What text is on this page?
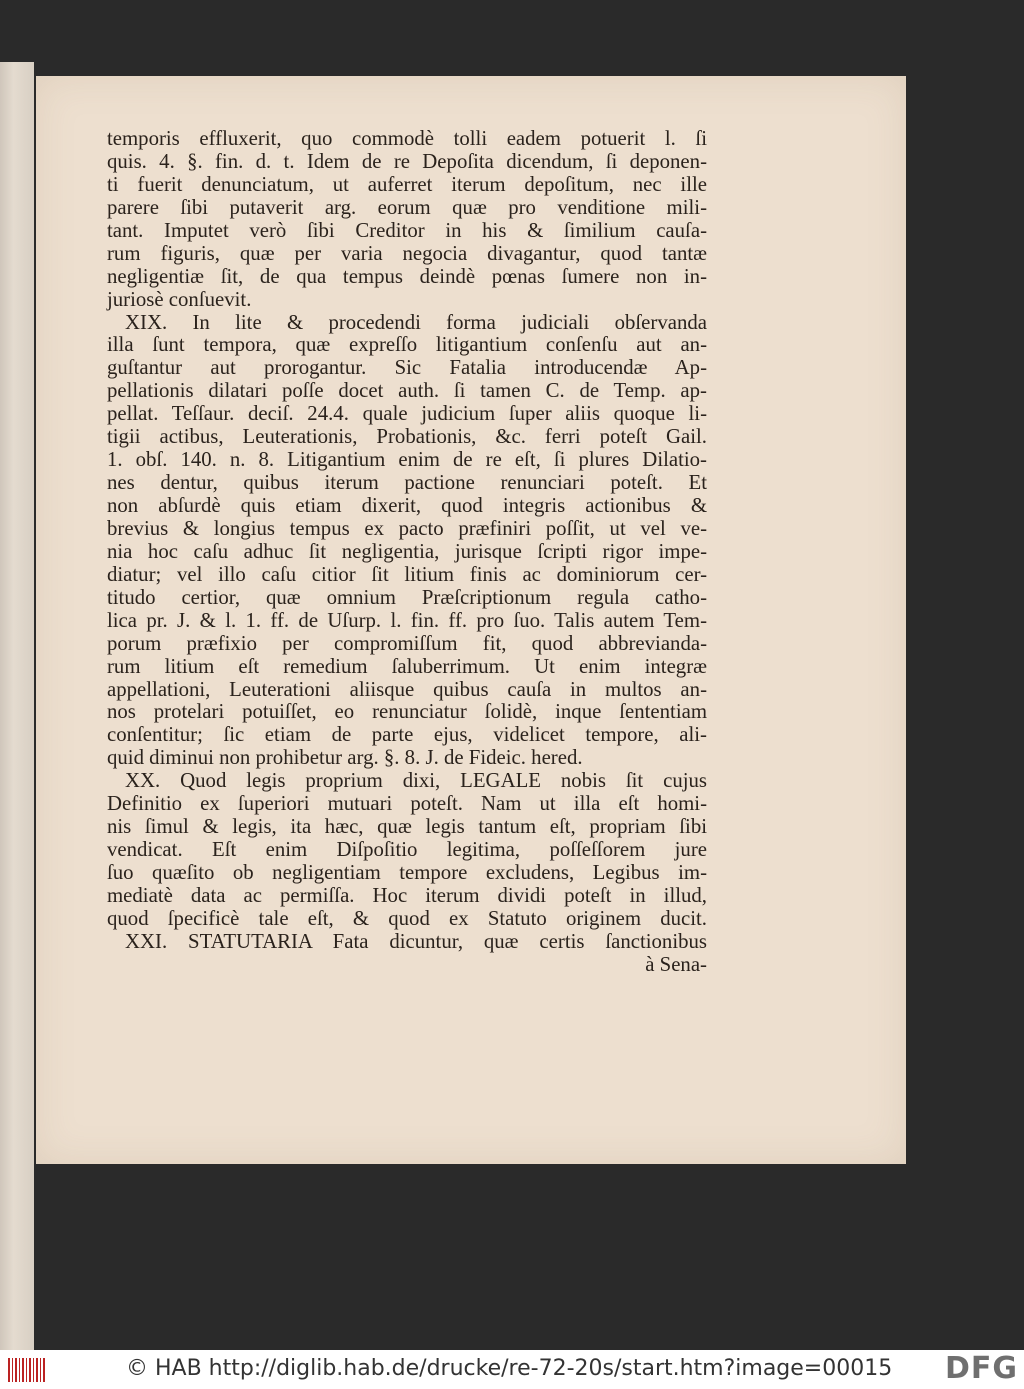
temporis effluxerit, quo commodè tolli eadem potuerit l. ſi
quis. 4. §. fin. d. t. Idem de re Depoſita dicendum, ſi deponen-
ti fuerit denunciatum, ut auferret iterum depoſitum, nec ille
parere ſibi putaverit arg. eorum quæ pro venditione mili-
tant. Imputet verò ſibi Creditor in his & ſimilium cauſa-
rum figuris, quæ per varia negocia divagantur, quod tantæ
negligentiæ ſit, de qua tempus deindè pœnas ſumere non in-
juriosè conſuevit.
XIX. In lite & procedendi forma judiciali obſervanda
illa ſunt tempora, quæ expreſſo litigantium conſenſu aut an-
guſtantur aut prorogantur. Sic Fatalia introducendæ Ap-
pellationis dilatari poſſe docet auth. ſi tamen C. de Temp. ap-
pellat. Teſſaur. deciſ. 24.4. quale judicium ſuper aliis quoque li-
tigii actibus, Leuterationis, Probationis, &c. ferri poteſt Gail.
1. obſ. 140. n. 8. Litigantium enim de re eſt, ſi plures Dilatio-
nes dentur, quibus iterum pactione renunciari poteſt. Et
non abſurdè quis etiam dixerit, quod integris actionibus &
brevius & longius tempus ex pacto præfiniri poſſit, ut vel ve-
nia hoc caſu adhuc ſit negligentia, jurisque ſcripti rigor impe-
diatur; vel illo caſu citior ſit litium finis ac dominiorum cer-
titudo certior, quæ omnium Præſcriptionum regula catho-
lica pr. J. & l. 1. ff. de Uſurp. l. fin. ff. pro ſuo. Talis autem Tem-
porum præfixio per compromiſſum fit, quod abbrevianda-
rum litium eſt remedium ſaluberrimum. Ut enim integræ
appellationi, Leuterationi aliisque quibus cauſa in multos an-
nos protelari potuiſſet, eo renunciatur ſolidè, inque ſententiam
conſentitur; ſic etiam de parte ejus, videlicet tempore, ali-
quid diminui non prohibetur arg. §. 8. J. de Fideic. hered.
XX. Quod legis proprium dixi, LEGALE nobis ſit cujus
Definitio ex ſuperiori mutuari poteſt. Nam ut illa eſt homi-
nis ſimul & legis, ita hæc, quæ legis tantum eſt, propriam ſibi
vendicat. Eſt enim Diſpoſitio legitima, poſſeſſorem jure
ſuo quæſito ob negligentiam tempore excludens, Legibus im-
mediatè data ac permiſſa. Hoc iterum dividi poteſt in illud,
quod ſpecificè tale eſt, & quod ex Statuto originem ducit.
XXI. STATUTARIA Fata dicuntur, quæ certis ſanctionibus
à Sena-
© HAB http://diglib.hab.de/drucke/re-72-20s/start.htm?image=00015 DFG
